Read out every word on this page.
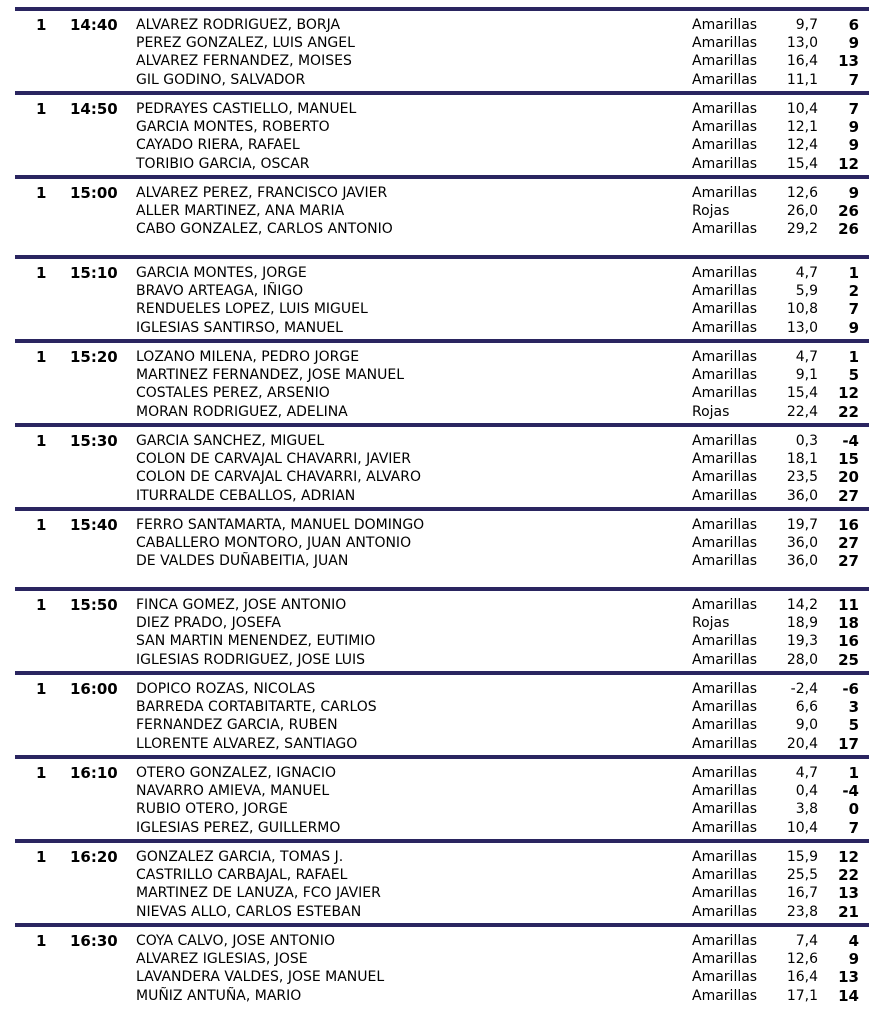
1 14:40 ALVAREZ RODRIGUEZ, BORJA	Amarillas	9,7 6
PEREZ GONZALEZ, LUIS ANGEL	Amarillas 13,0 9
ALVAREZ FERNANDEZ, MOISES	Amarillas 16,4 13
GIL GODINO, SALVADOR	Amarillas 11,1 7
1 14:50 PEDRAYES CASTIELLO, MANUEL	Amarillas 10,4 7
GARCIA MONTES, ROBERTO	Amarillas 12,1 9
CAYADO RIERA, RAFAEL	Amarillas 12,4 9
TORIBIO GARCIA, OSCAR	Amarillas 15,4 12
1 15:00 ALVAREZ PEREZ, FRANCISCO JAVIER	Amarillas 12,6 9
ALLER MARTINEZ, ANA MARIA	Rojas	26,0 26
CABO GONZALEZ, CARLOS ANTONIO	Amarillas 29,2 26
1 15:10 GARCIA MONTES, JORGE	Amarillas	4,7 1
BRAVO ARTEAGA, IÑIGO	Amarillas	5,9 2
RENDUELES LOPEZ, LUIS MIGUEL	Amarillas 10,8 7
IGLESIAS SANTIRSO, MANUEL	Amarillas 13,0 9
1 15:20 LOZANO MILENA, PEDRO JORGE	Amarillas	4,7 1
MARTINEZ FERNANDEZ, JOSE MANUEL	Amarillas	9,1 5
COSTALES PEREZ, ARSENIO	Amarillas 15,4 12
MORAN RODRIGUEZ, ADELINA	Rojas	22,4 22
1 15:30 GARCIA SANCHEZ, MIGUEL	Amarillas	0,3 -4
COLON DE CARVAJAL CHAVARRI, JAVIER	Amarillas 18,1 15
COLON DE CARVAJAL CHAVARRI, ALVARO	Amarillas 23,5 20
ITURRALDE CEBALLOS, ADRIAN	Amarillas 36,0 27
1 15:40 FERRO SANTAMARTA, MANUEL DOMINGO	Amarillas 19,7 16
CABALLERO MONTORO, JUAN ANTONIO	Amarillas 36,0 27
DE VALDES DUÑABEITIA, JUAN	Amarillas 36,0 27
1 15:50 FINCA GOMEZ, JOSE ANTONIO	Amarillas 14,2 11
DIEZ PRADO, JOSEFA	Rojas	18,9 18
SAN MARTIN MENENDEZ, EUTIMIO	Amarillas 19,3 16
IGLESIAS RODRIGUEZ, JOSE LUIS	Amarillas 28,0 25
1 16:00 DOPICO ROZAS, NICOLAS	Amarillas -2,4 -6
BARREDA CORTABITARTE, CARLOS	Amarillas	6,6 3
FERNANDEZ GARCIA, RUBEN	Amarillas	9,0 5
LLORENTE ALVAREZ, SANTIAGO	Amarillas 20,4 17
1 16:10 OTERO GONZALEZ, IGNACIO	Amarillas	4,7 1
NAVARRO AMIEVA, MANUEL	Amarillas	0,4 -4
RUBIO OTERO, JORGE	Amarillas	3,8 0
IGLESIAS PEREZ, GUILLERMO	Amarillas 10,4 7
1 16:20 GONZALEZ GARCIA, TOMAS J.	Amarillas 15,9 12
CASTRILLO CARBAJAL, RAFAEL	Amarillas 25,5 22
MARTINEZ DE LANUZA, FCO JAVIER	Amarillas 16,7 13
NIEVAS ALLO, CARLOS ESTEBAN	Amarillas 23,8 21
1 16:30 COYA CALVO, JOSE ANTONIO	Amarillas	7,4 4
ALVAREZ IGLESIAS, JOSE	Amarillas 12,6 9
LAVANDERA VALDES, JOSE MANUEL	Amarillas 16,4 13
MUÑIZ ANTUÑA, MARIO	Amarillas 17,1 14
